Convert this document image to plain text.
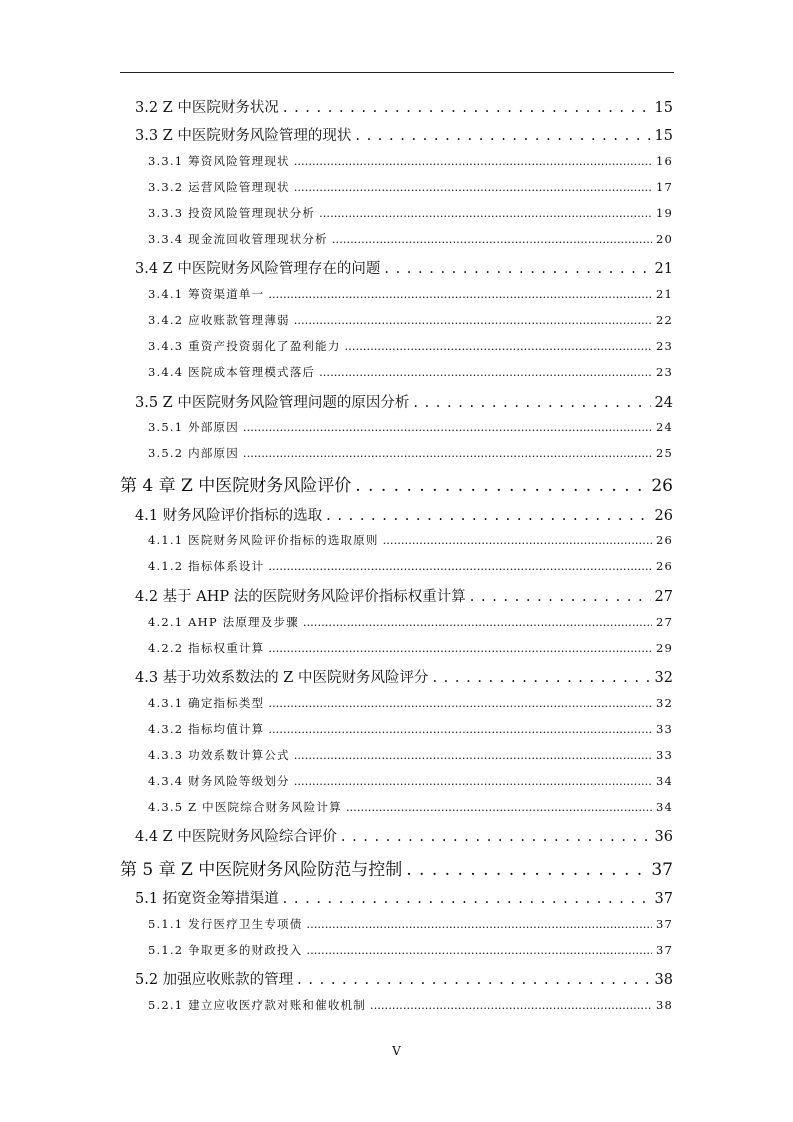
3.2 Z 中医院财务状况 . . .	15
3.3 Z 中医院财务风险管理的现状 . . .	15
3.3.1 筹资风险管理现状 .....	16
3.3.2 运营风险管理现状 .....	17
3.3.3 投资风险管理现状分析 .....	19
3.3.4 现金流回收管理现状分析 .....	20
3.4 Z 中医院财务风险管理存在的问题 . . .	21
3.4.1 筹资渠道单一 .....	21
3.4.2 应收账款管理薄弱 .....	22
3.4.3 重资产投资弱化了盈利能力 .....	23
3.4.4 医院成本管理模式落后 .....	23
3.5 Z 中医院财务风险管理问题的原因分析 . . .	24
3.5.1 外部原因 .....	24
3.5.2 内部原因 .....	25
第 4 章 Z 中医院财务风险评价 . . .	26
4.1 财务风险评价指标的选取 . . .	26
4.1.1 医院财务风险评价指标的选取原则 .....	26
4.1.2 指标体系设计 .....	26
4.2 基于 AHP 法的医院财务风险评价指标权重计算 . . .	27
4.2.1 AHP 法原理及步骤 .....	27
4.2.2 指标权重计算 .....	29
4.3 基于功效系数法的 Z 中医院财务风险评分 . . .	32
4.3.1 确定指标类型 .....	32
4.3.2 指标均值计算 .....	33
4.3.3 功效系数计算公式 .....	33
4.3.4 财务风险等级划分 .....	34
4.3.5 Z 中医院综合财务风险计算 .....	34
4.4 Z 中医院财务风险综合评价 . . .	36
第 5 章 Z 中医院财务风险防范与控制 . . .	37
5.1 拓宽资金筹措渠道 . . .	37
5.1.1 发行医疗卫生专项债 .....	37
5.1.2 争取更多的财政投入 .....	37
5.2 加强应收账款的管理 . . .	38
5.2.1 建立应收医疗款对账和催收机制 .....	38
V
